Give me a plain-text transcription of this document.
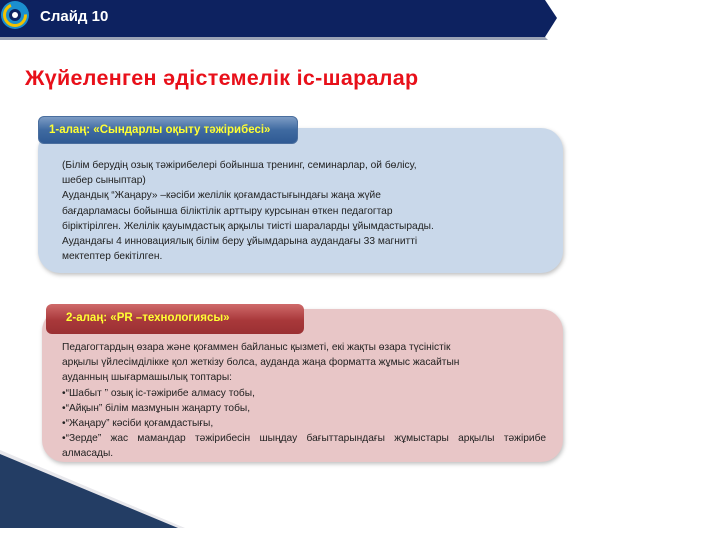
Слайд 10
Жүйеленген әдістемелік іс-шаралар
1-алаң: «Сындарлы оқыту тәжірибесі»
(Білім берудің озық тәжірибелері бойынша тренинг, семинарлар, ой бөлісу,
шебер сыныптар)
Аудандық “Жаңару» –кәсіби желілік қоғамдастығындағы жаңа жүйе
бағдарламасы бойынша біліктілік арттыру курсынан өткен педагогтар
біріктірілген. Желілік қауымдастық арқылы тиісті шараларды ұйымдастырады.
Аудандағы 4 инновациялық білім беру ұйымдарына аудандағы 33 магнитті
мектептер бекітілген.
2-алаң: «PR –технологиясы»
Педагогтардың өзара және қоғаммен байланыс қызметі, екі жақты өзара түсіністік
арқылы үйлесімділікке қол жеткізу болса, ауданда жаңа форматта жұмыс жасайтын
ауданның шығармашылық топтары:
•“Шабыт ” озық іс-тәжірибе алмасу тобы,
•“Айқын” білім мазмұнын жаңарту тобы,
•“Жаңару” кәсіби қоғамдастығы,
•“Зерде” жас мамандар тәжірибесін шыңдау бағыттарындағы жұмыстары арқылы тәжірибе алмасады.
